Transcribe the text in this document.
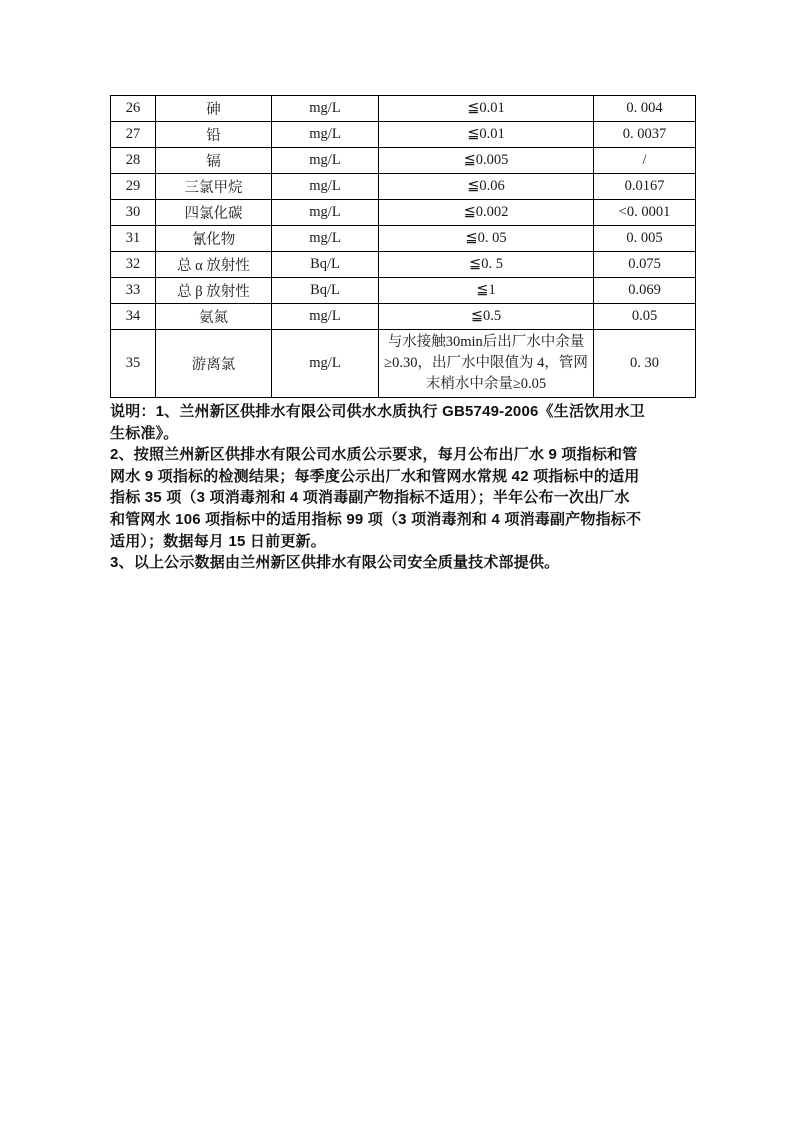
26	砷	mg/L	≦0.01	0. 004
27	铅	mg/L	≦0.01	0. 0037
28	镉	mg/L	≦0.005	/
29	三氯甲烷	mg/L	≦0.06	0.0167
30	四氯化碳	mg/L	≦0.002	<0. 0001
31	氰化物	mg/L	≦0. 05	0. 005
32	总 α 放射性	Bq/L	≦0. 5	0.075
33	总 β 放射性	Bq/L	≦1	0.069
34	氨氮	mg/L	≦0.5	0.05
35	游离氯	mg/L	与水接触30min后出厂水中余量≥0.30，出厂水中限值为 4，管网末梢水中余量≥0.05	0. 30
说明：1、兰州新区供排水有限公司供水水质执行 GB5749-2006《生活饮用水卫
生标准》。
2、按照兰州新区供排水有限公司水质公示要求，每月公布出厂水 9 项指标和管
网水 9 项指标的检测结果；每季度公示出厂水和管网水常规 42 项指标中的适用
指标 35 项（3 项消毒剂和 4 项消毒副产物指标不适用）；半年公布一次出厂水
和管网水 106 项指标中的适用指标 99 项（3 项消毒剂和 4 项消毒副产物指标不
适用）；数据每月 15 日前更新。
3、以上公示数据由兰州新区供排水有限公司安全质量技术部提供。
